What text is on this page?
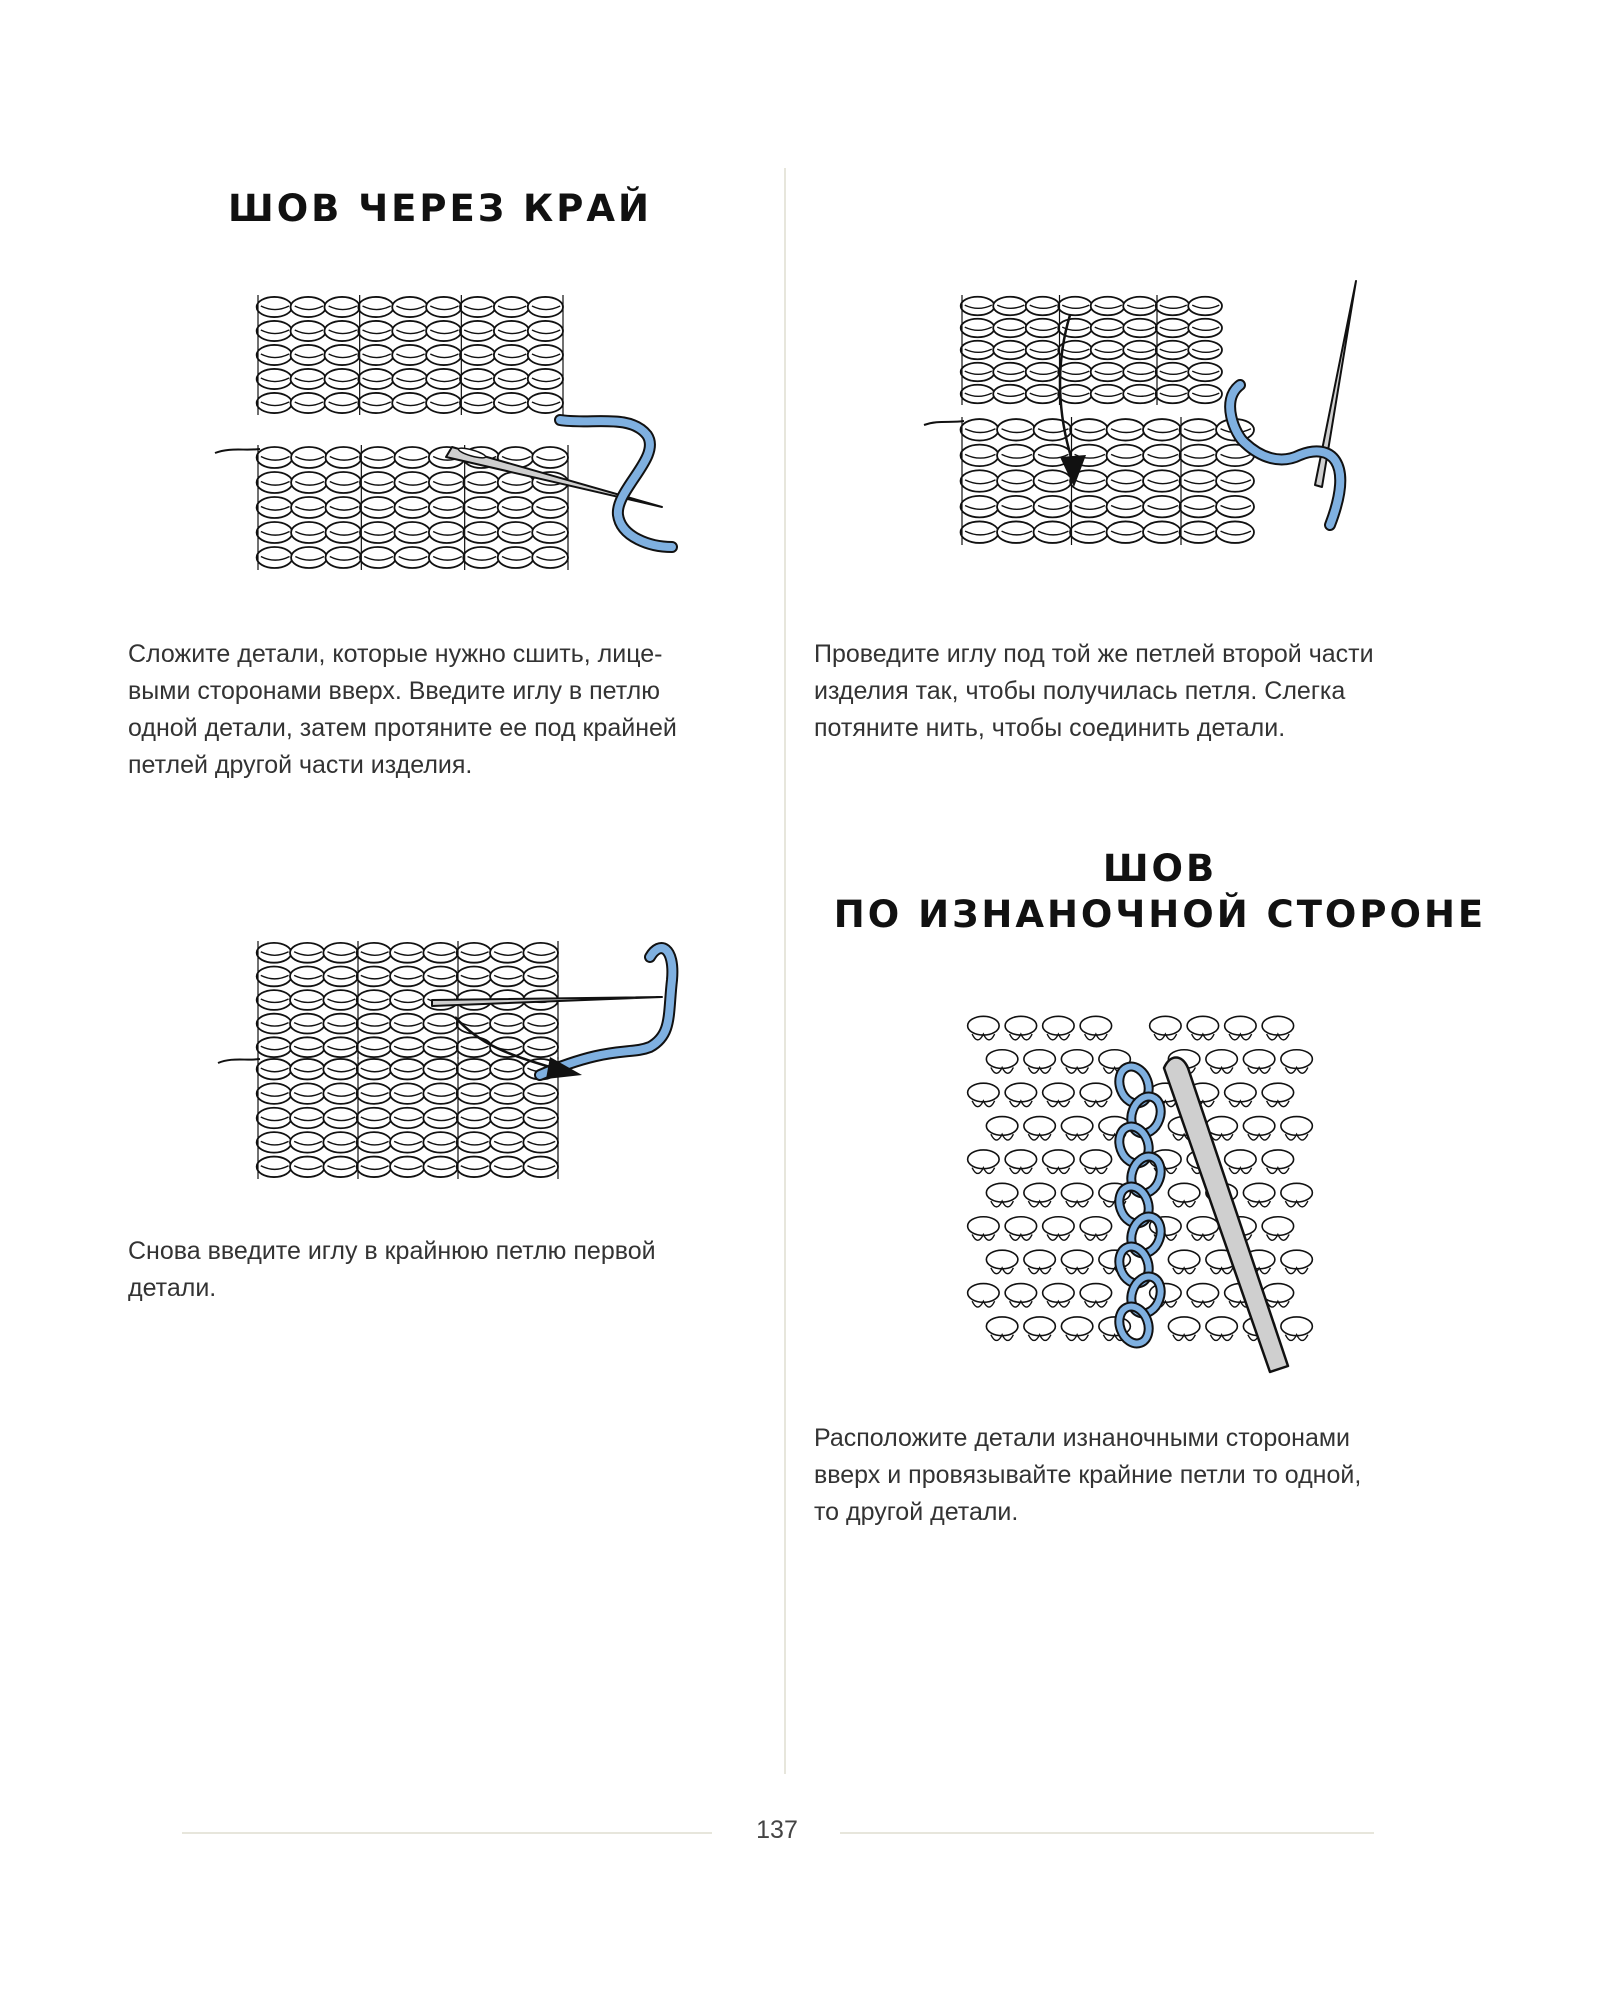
ШОВ ЧЕРЕЗ КРАЙ

Сложите детали, которые нужно сшить, лице-
выми сторонами вверх. Введите иглу в петлю
одной детали, затем протяните ее под крайней
петлей другой части изделия.

Снова введите иглу в крайнюю петлю первой
детали.

Проведите иглу под той же петлей второй части
изделия так, чтобы получилась петля. Слегка
потяните нить, чтобы соединить детали.

ШОВ
ПО ИЗНАНОЧНОЙ СТОРОНЕ

Расположите детали изнаночными сторонами
вверх и провязывайте крайние петли то одной,
то другой детали.

137
